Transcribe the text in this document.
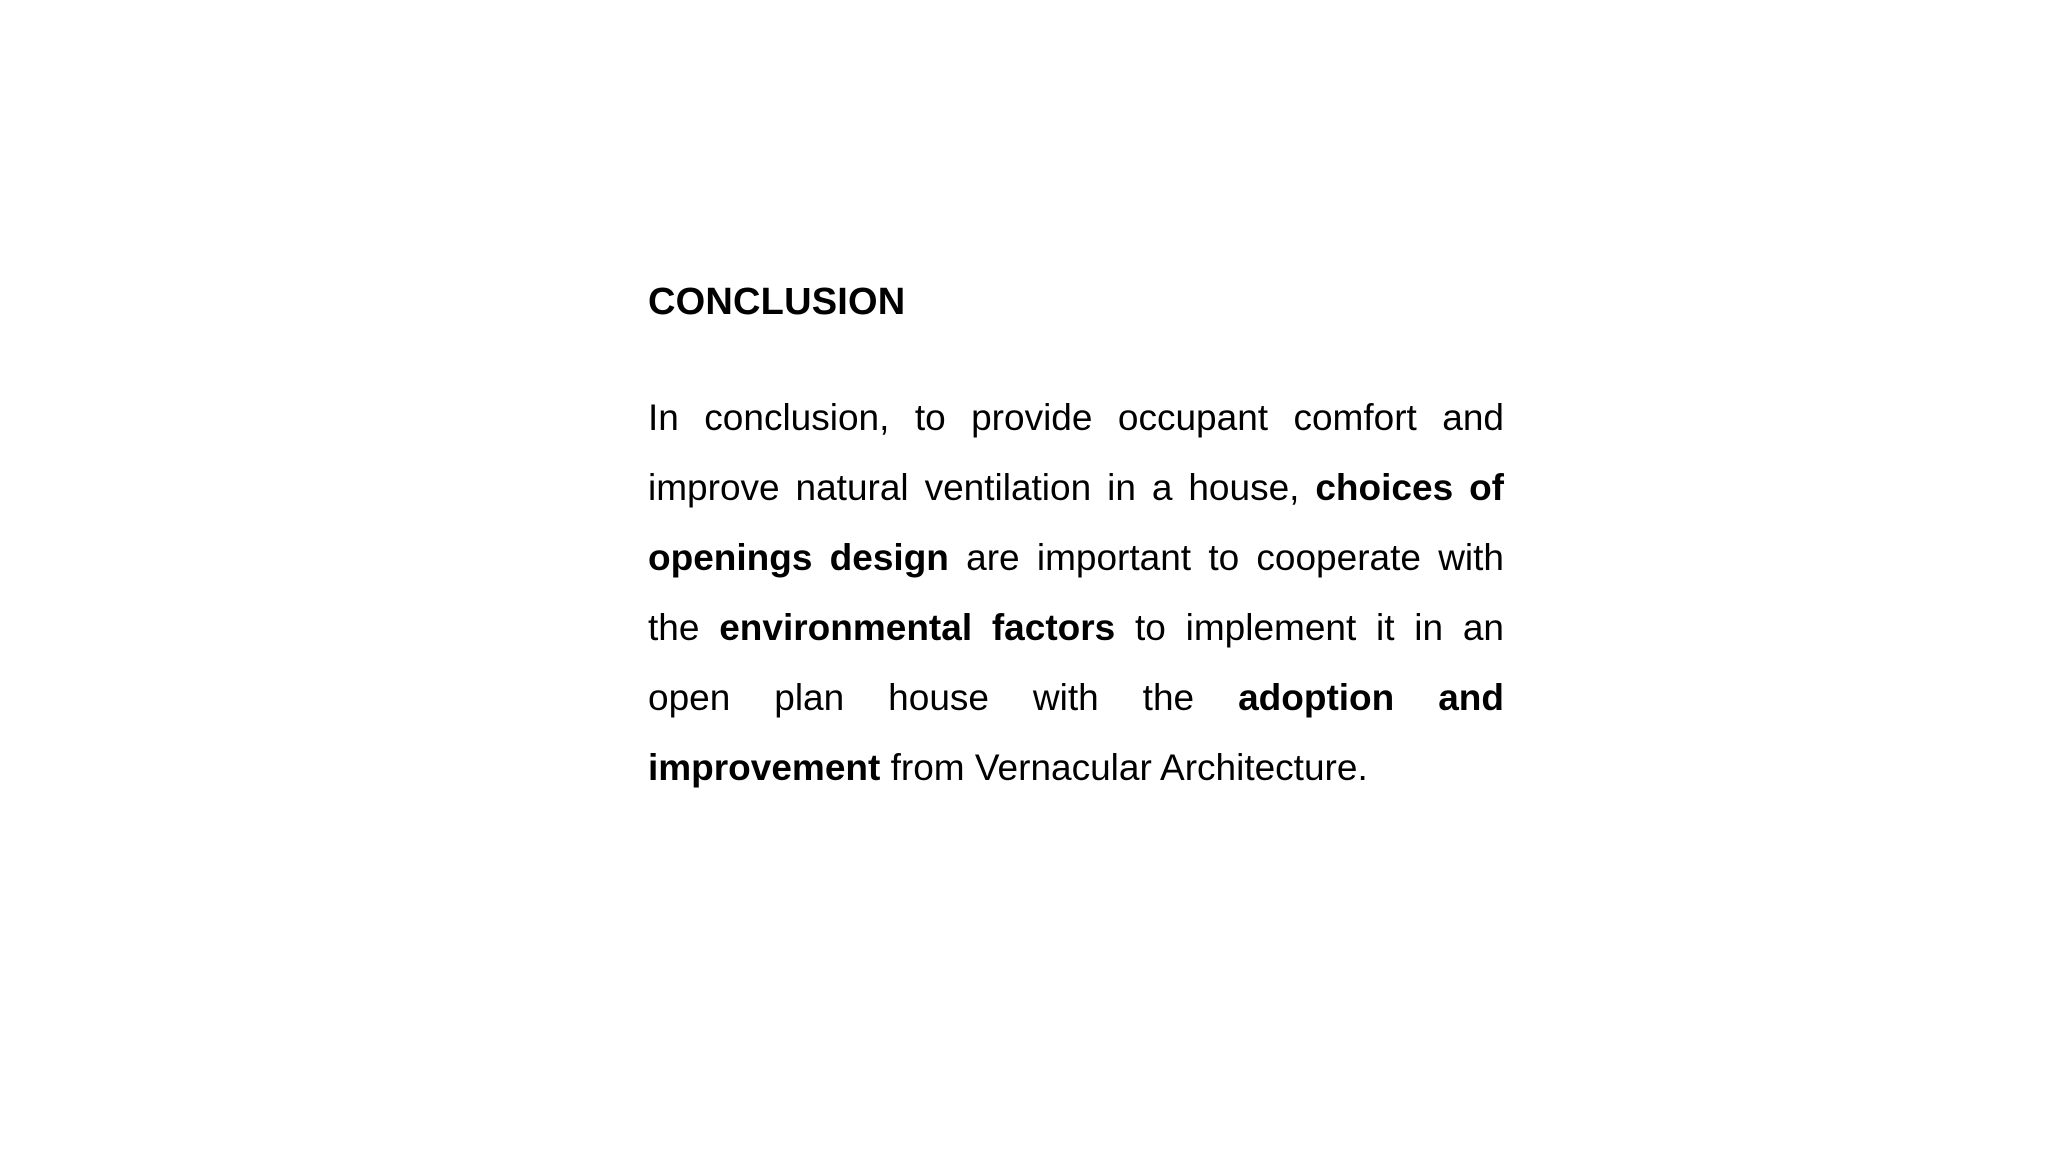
CONCLUSION

In conclusion, to provide occupant comfort and improve natural ventilation in a house, choices of openings design are important to cooperate with the environmental factors to implement it in an open plan house with the adoption and improvement from Vernacular Architecture.
